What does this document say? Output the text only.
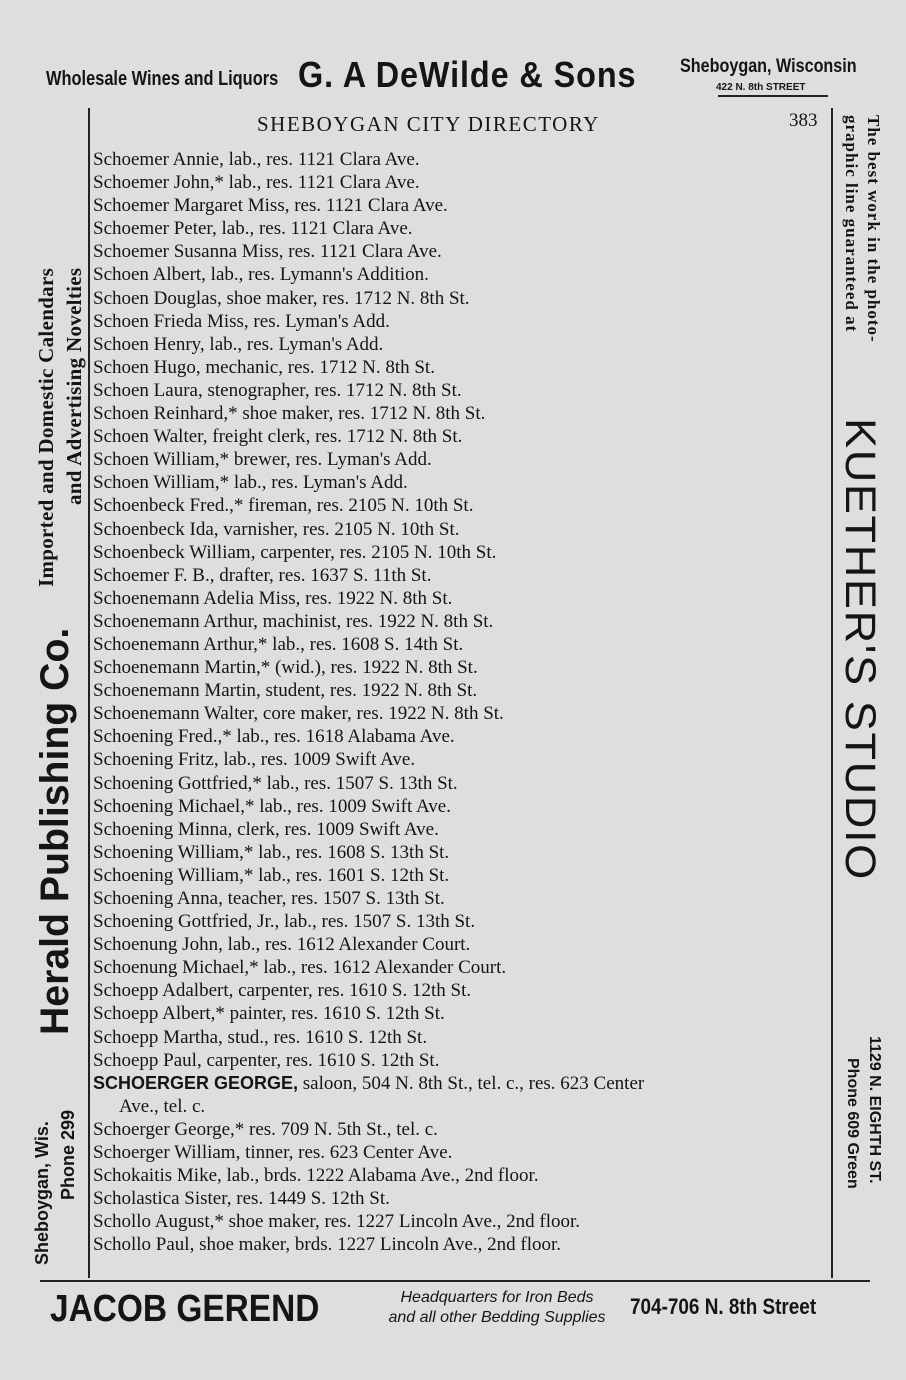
Wholesale Wines and Liquors G. A DeWilde & Sons Sheboygan, Wisconsin
422 N. 8th STREET
SHEBOYGAN CITY DIRECTORY	383
Imported and Domestic Calendars and Advertising Novelties
Herald Publishing Co.
Sheboygan, Wis. Phone 299
The best work in the photo-
graphic line guaranteed at
KUETHER'S STUDIO
1129 N. EIGHTH ST.
Phone 609 Green
Schoemer Annie, lab., res. 1121 Clara Ave.
Schoemer John,* lab., res. 1121 Clara Ave.
Schoemer Margaret Miss, res. 1121 Clara Ave.
Schoemer Peter, lab., res. 1121 Clara Ave.
Schoemer Susanna Miss, res. 1121 Clara Ave.
Schoen Albert, lab., res. Lymann's Addition.
Schoen Douglas, shoe maker, res. 1712 N. 8th St.
Schoen Frieda Miss, res. Lyman's Add.
Schoen Henry, lab., res. Lyman's Add.
Schoen Hugo, mechanic, res. 1712 N. 8th St.
Schoen Laura, stenographer, res. 1712 N. 8th St.
Schoen Reinhard,* shoe maker, res. 1712 N. 8th St.
Schoen Walter, freight clerk, res. 1712 N. 8th St.
Schoen William,* brewer, res. Lyman's Add.
Schoen William,* lab., res. Lyman's Add.
Schoenbeck Fred.,* fireman, res. 2105 N. 10th St.
Schoenbeck Ida, varnisher, res. 2105 N. 10th St.
Schoenbeck William, carpenter, res. 2105 N. 10th St.
Schoemer F. B., drafter, res. 1637 S. 11th St.
Schoenemann Adelia Miss, res. 1922 N. 8th St.
Schoenemann Arthur, machinist, res. 1922 N. 8th St.
Schoenemann Arthur,* lab., res. 1608 S. 14th St.
Schoenemann Martin,* (wid.), res. 1922 N. 8th St.
Schoenemann Martin, student, res. 1922 N. 8th St.
Schoenemann Walter, core maker, res. 1922 N. 8th St.
Schoening Fred.,* lab., res. 1618 Alabama Ave.
Schoening Fritz, lab., res. 1009 Swift Ave.
Schoening Gottfried,* lab., res. 1507 S. 13th St.
Schoening Michael,* lab., res. 1009 Swift Ave.
Schoening Minna, clerk, res. 1009 Swift Ave.
Schoening William,* lab., res. 1608 S. 13th St.
Schoening William,* lab., res. 1601 S. 12th St.
Schoening Anna, teacher, res. 1507 S. 13th St.
Schoening Gottfried, Jr., lab., res. 1507 S. 13th St.
Schoenung John, lab., res. 1612 Alexander Court.
Schoenung Michael,* lab., res. 1612 Alexander Court.
Schoepp Adalbert, carpenter, res. 1610 S. 12th St.
Schoepp Albert,* painter, res. 1610 S. 12th St.
Schoepp Martha, stud., res. 1610 S. 12th St.
Schoepp Paul, carpenter, res. 1610 S. 12th St.
SCHOERGER GEORGE, saloon, 504 N. 8th St., tel. c., res. 623 Center
Ave., tel. c.
Schoerger George,* res. 709 N. 5th St., tel. c.
Schoerger William, tinner, res. 623 Center Ave.
Schokaitis Mike, lab., brds. 1222 Alabama Ave., 2nd floor.
Scholastica Sister, res. 1449 S. 12th St.
Schollo August,* shoe maker, res. 1227 Lincoln Ave., 2nd floor.
Schollo Paul, shoe maker, brds. 1227 Lincoln Ave., 2nd floor.
JACOB GEREND	Headquarters for Iron Beds
and all other Bedding Supplies	704-706 N. 8th Street
